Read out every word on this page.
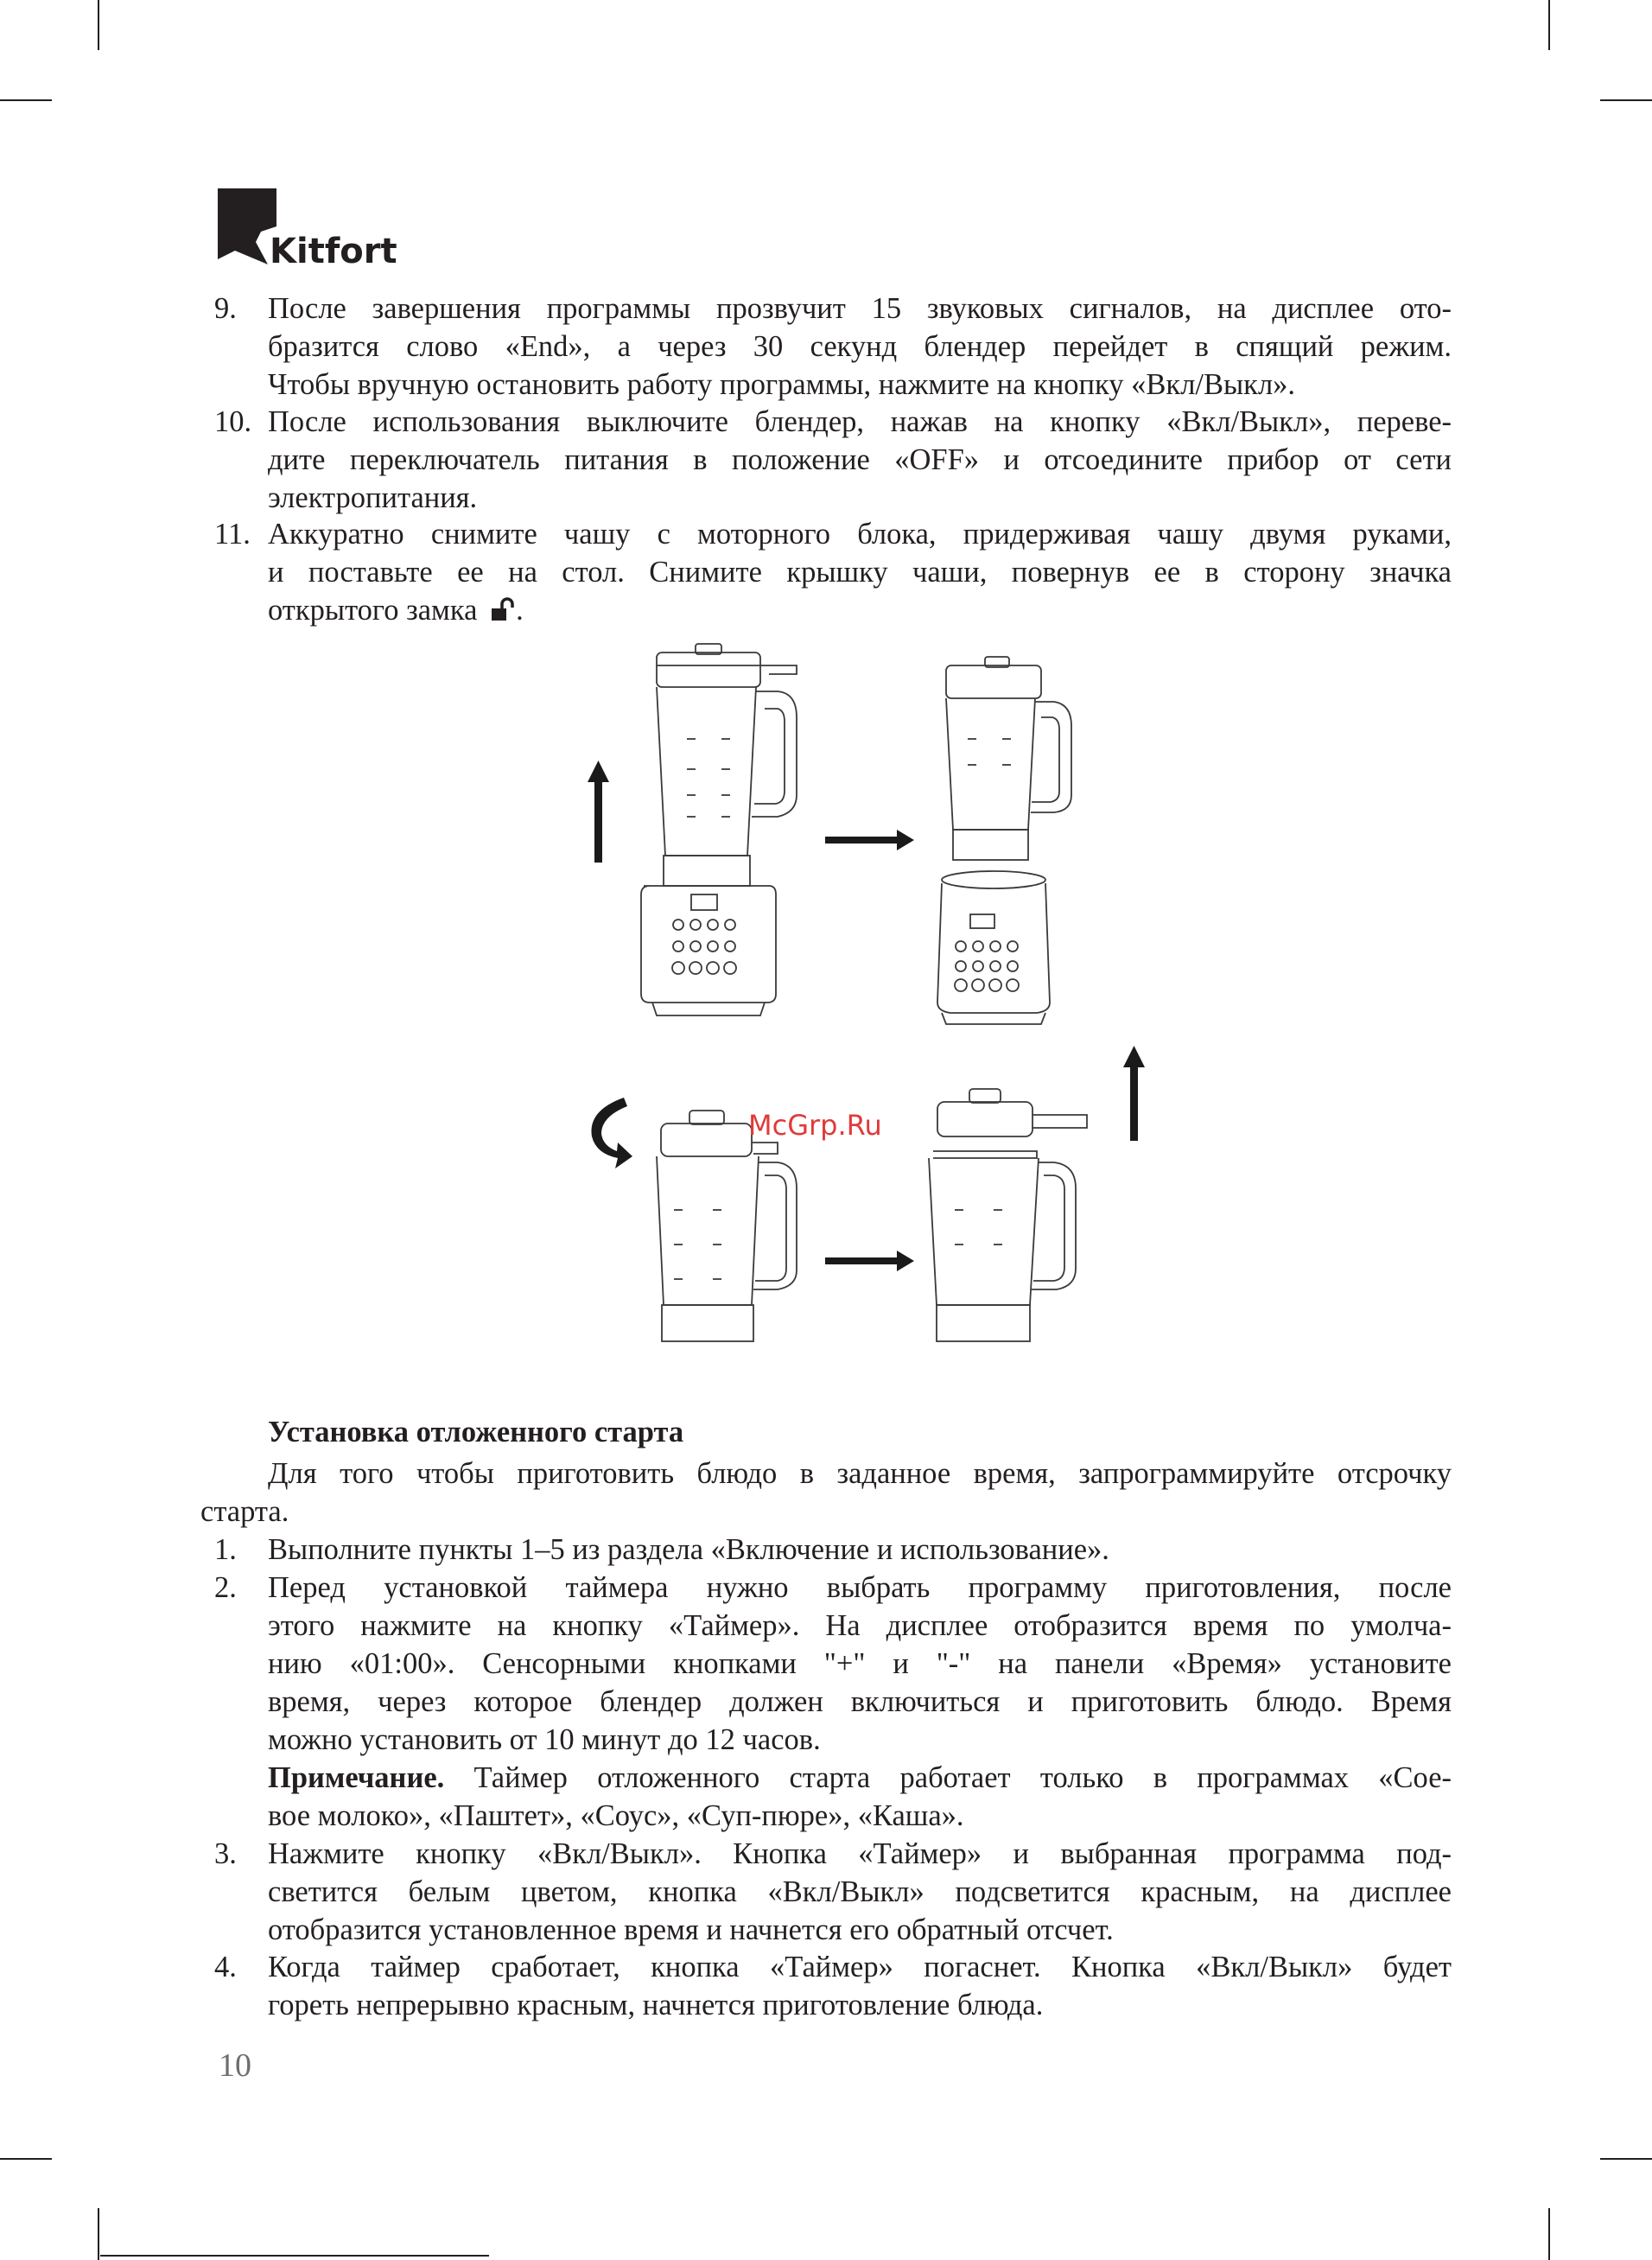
Kitfort
9.	После завершения программы прозвучит 15 звуковых сигналов, на дисплее ото-
бразится слово «End», а через 30 секунд блендер перейдет в спящий режим.
Чтобы вручную остановить работу программы, нажмите на кнопку «Вкл/Выкл».
10. После использования выключите блендер, нажав на кнопку «Вкл/Выкл», переве-
дите переключатель питания в положение «OFF» и отсоедините прибор от сети
электропитания.
11. Аккуратно снимите чашу с моторного блока, придерживая чашу двумя руками,
и поставьте ее на стол. Снимите крышку чаши, повернув ее в сторону значка
открытого замка .
McGrp.Ru
Установка отложенного старта
Для того чтобы приготовить блюдо в заданное время, запрограммируйте отсрочку
старта.
1.	Выполните пункты 1–5 из раздела «Включение и использование».
2.	Перед установкой таймера нужно выбрать программу приготовления, после
этого нажмите на кнопку «Таймер». На дисплее отобразится время по умолча-
нию «01:00». Сенсорными кнопками "+" и "-" на панели «Время» установите
время, через которое блендер должен включиться и приготовить блюдо. Время
можно установить от 10 минут до 12 часов.
Примечание. Таймер отложенного старта работает только в программах «Сое-
вое молоко», «Паштет», «Соус», «Суп-пюре», «Каша».
3.	Нажмите кнопку «Вкл/Выкл». Кнопка «Таймер» и выбранная программа под-
светится белым цветом, кнопка «Вкл/Выкл» подсветится красным, на дисплее
отобразится установленное время и начнется его обратный отсчет.
4.	Когда таймер сработает, кнопка «Таймер» погаснет. Кнопка «Вкл/Выкл» будет
гореть непрерывно красным, начнется приготовление блюда.
10
